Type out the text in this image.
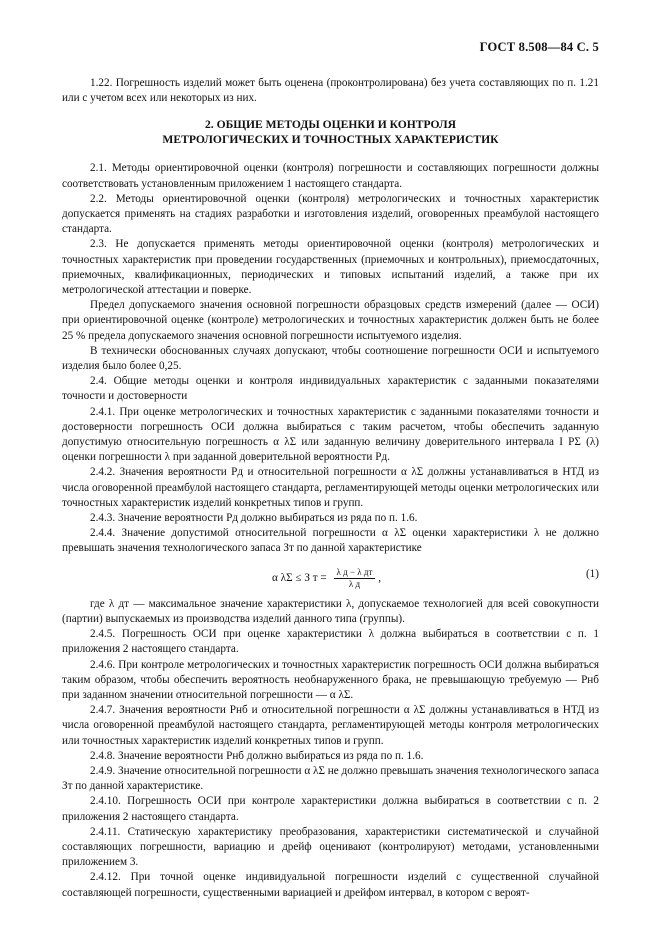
ГОСТ 8.508—84 С. 5

1.22. Погрешность изделий может быть оценена (проконтролирована) без учета составляющих по п. 1.21 или с учетом всех или некоторых из них.

2. ОБЩИЕ МЕТОДЫ ОЦЕНКИ И КОНТРОЛЯ
МЕТРОЛОГИЧЕСКИХ И ТОЧНОСТНЫХ ХАРАКТЕРИСТИК

2.1. Методы ориентировочной оценки (контроля) погрешности и составляющих погрешности должны соответствовать установленным приложением 1 настоящего стандарта.

2.2. Методы ориентировочной оценки (контроля) метрологических и точностных характеристик допускается применять на стадиях разработки и изготовления изделий, оговоренных преамбулой настоящего стандарта.

2.3. Не допускается применять методы ориентировочной оценки (контроля) метрологических и точностных характеристик при проведении государственных (приемочных и контрольных), приемосдаточных, приемочных, квалификационных, периодических и типовых испытаний изделий, а также при их метрологической аттестации и поверке.

Предел допускаемого значения основной погрешности образцовых средств измерений (далее — ОСИ) при ориентировочной оценке (контроле) метрологических и точностных характеристик должен быть не более 25 % предела допускаемого значения основной погрешности испытуемого изделия.

В технически обоснованных случаях допускают, чтобы соотношение погрешности ОСИ и испытуемого изделия было более 0,25.

2.4. Общие методы оценки и контроля индивидуальных характеристик с заданными показателями точности и достоверности

2.4.1. При оценке метрологических и точностных характеристик с заданными показателями точности и достоверности погрешность ОСИ должна выбираться с таким расчетом, чтобы обеспечить заданную допустимую относительную погрешность α λΣ или заданную величину доверительного интервала I PΣ (λ) оценки погрешности λ при заданной доверительной вероятности Pд.

2.4.2. Значения вероятности Pд и относительной погрешности α λΣ должны устанавливаться в НТД из числа оговоренной преамбулой настоящего стандарта, регламентирующей методы оценки метрологических или точностных характеристик изделий конкретных типов и групп.

2.4.3. Значение вероятности Pд должно выбираться из ряда по п. 1.6.

2.4.4. Значение допустимой относительной погрешности α λΣ оценки характеристики λ не должно превышать значения технологического запаса Зт по данной характеристике

α λΣ ≤ З $т = \frac{\text{λ д − λ дт}}{\text{λ д}}$ ,	(1)

где λ дт — максимальное значение характеристики λ, допускаемое технологией для всей совокупности (партии) выпускаемых из производства изделий данного типа (группы).

2.4.5. Погрешность ОСИ при оценке характеристики λ должна выбираться в соответствии с п. 1 приложения 2 настоящего стандарта.

2.4.6. При контроле метрологических и точностных характеристик погрешность ОСИ должна выбираться таким образом, чтобы обеспечить вероятность необнаруженного брака, не превышающую требуемую — Pнб при заданном значении относительной погрешности — α λΣ.

2.4.7. Значения вероятности Pнб и относительной погрешности α λΣ должны устанавливаться в НТД из числа оговоренной преамбулой настоящего стандарта, регламентирующей методы контроля метрологических или точностных характеристик изделий конкретных типов и групп.

2.4.8. Значение вероятности Pнб должно выбираться из ряда по п. 1.6.

2.4.9. Значение относительной погрешности α λΣ не должно превышать значения технологического запаса Зт по данной характеристике.

2.4.10. Погрешность ОСИ при контроле характеристики должна выбираться в соответствии с п. 2 приложения 2 настоящего стандарта.

2.4.11. Статическую характеристику преобразования, характеристики систематической и случайной составляющих погрешности, вариацию и дрейф оценивают (контролируют) методами, установленными приложением 3.

2.4.12. При точной оценке индивидуальной погрешности изделий с существенной случайной составляющей погрешности, существенными вариацией и дрейфом интервал, в котором с вероят-
